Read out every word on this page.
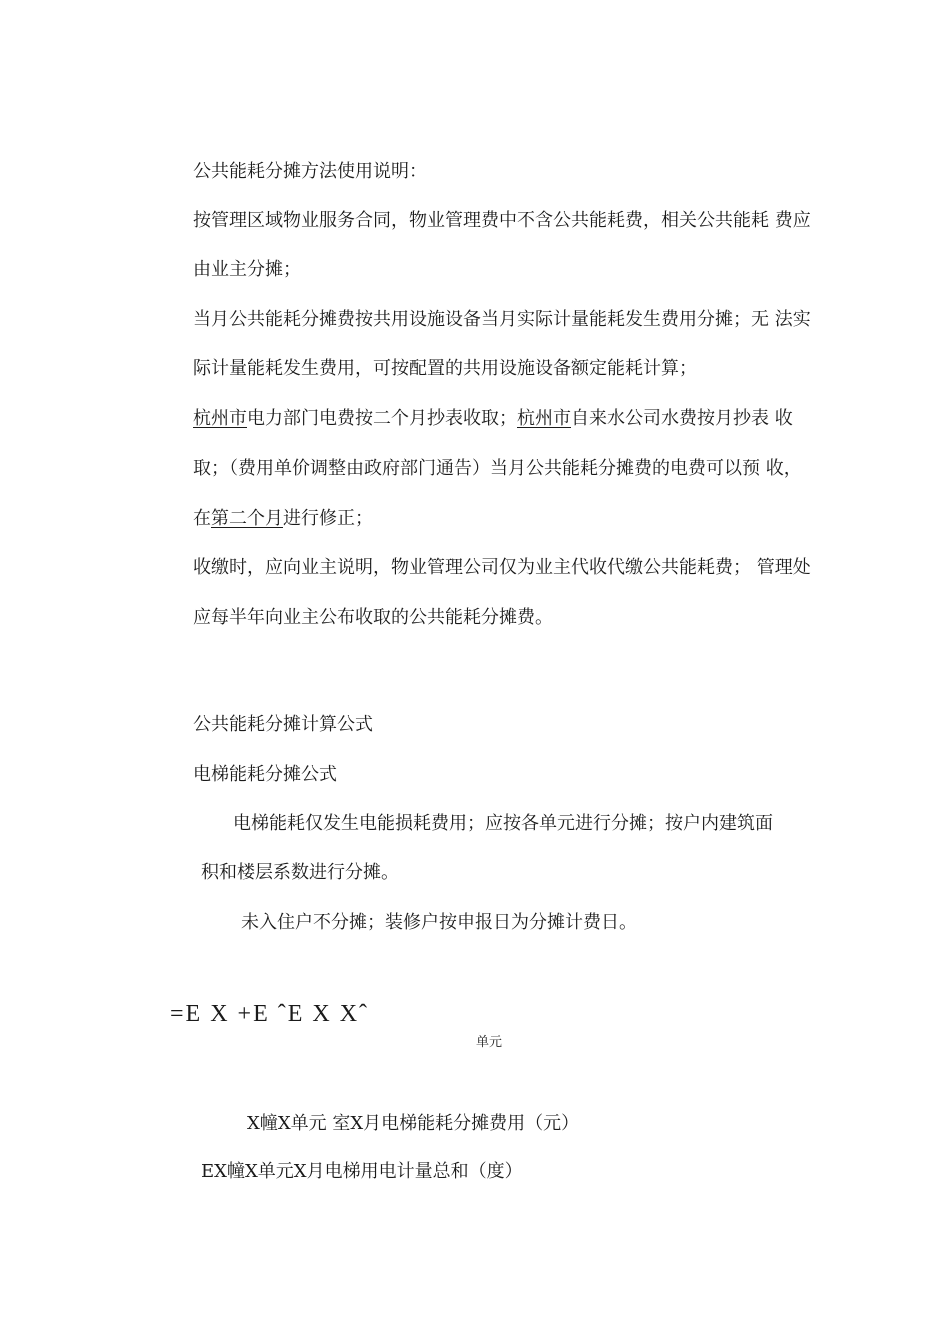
公共能耗分摊方法使用说明：
按管理区域物业服务合同，物业管理费中不含公共能耗费，相关公共能耗 费应
由业主分摊；
当月公共能耗分摊费按共用设施设备当月实际计量能耗发生费用分摊；无 法实
际计量能耗发生费用，可按配置的共用设施设备额定能耗计算；
杭州市电力部门电费按二个月抄表收取；杭州市自来水公司水费按月抄表 收
取；（费用单价调整由政府部门通告）当月公共能耗分摊费的电费可以预 收，
在第二个月进行修正；
收缴时，应向业主说明，物业管理公司仅为业主代收代缴公共能耗费； 管理处
应每半年向业主公布收取的公共能耗分摊费。
公共能耗分摊计算公式
电梯能耗分摊公式
电梯能耗仅发生电能损耗费用；应按各单元进行分摊；按户内建筑面
积和楼层系数进行分摊。
未入住户不分摊；装修户按申报日为分摊计费日。
=E X +E ˆE X Xˆ
单元
X幢X单元 室X月电梯能耗分摊费用（元）
EX幢X单元X月电梯用电计量总和（度）
